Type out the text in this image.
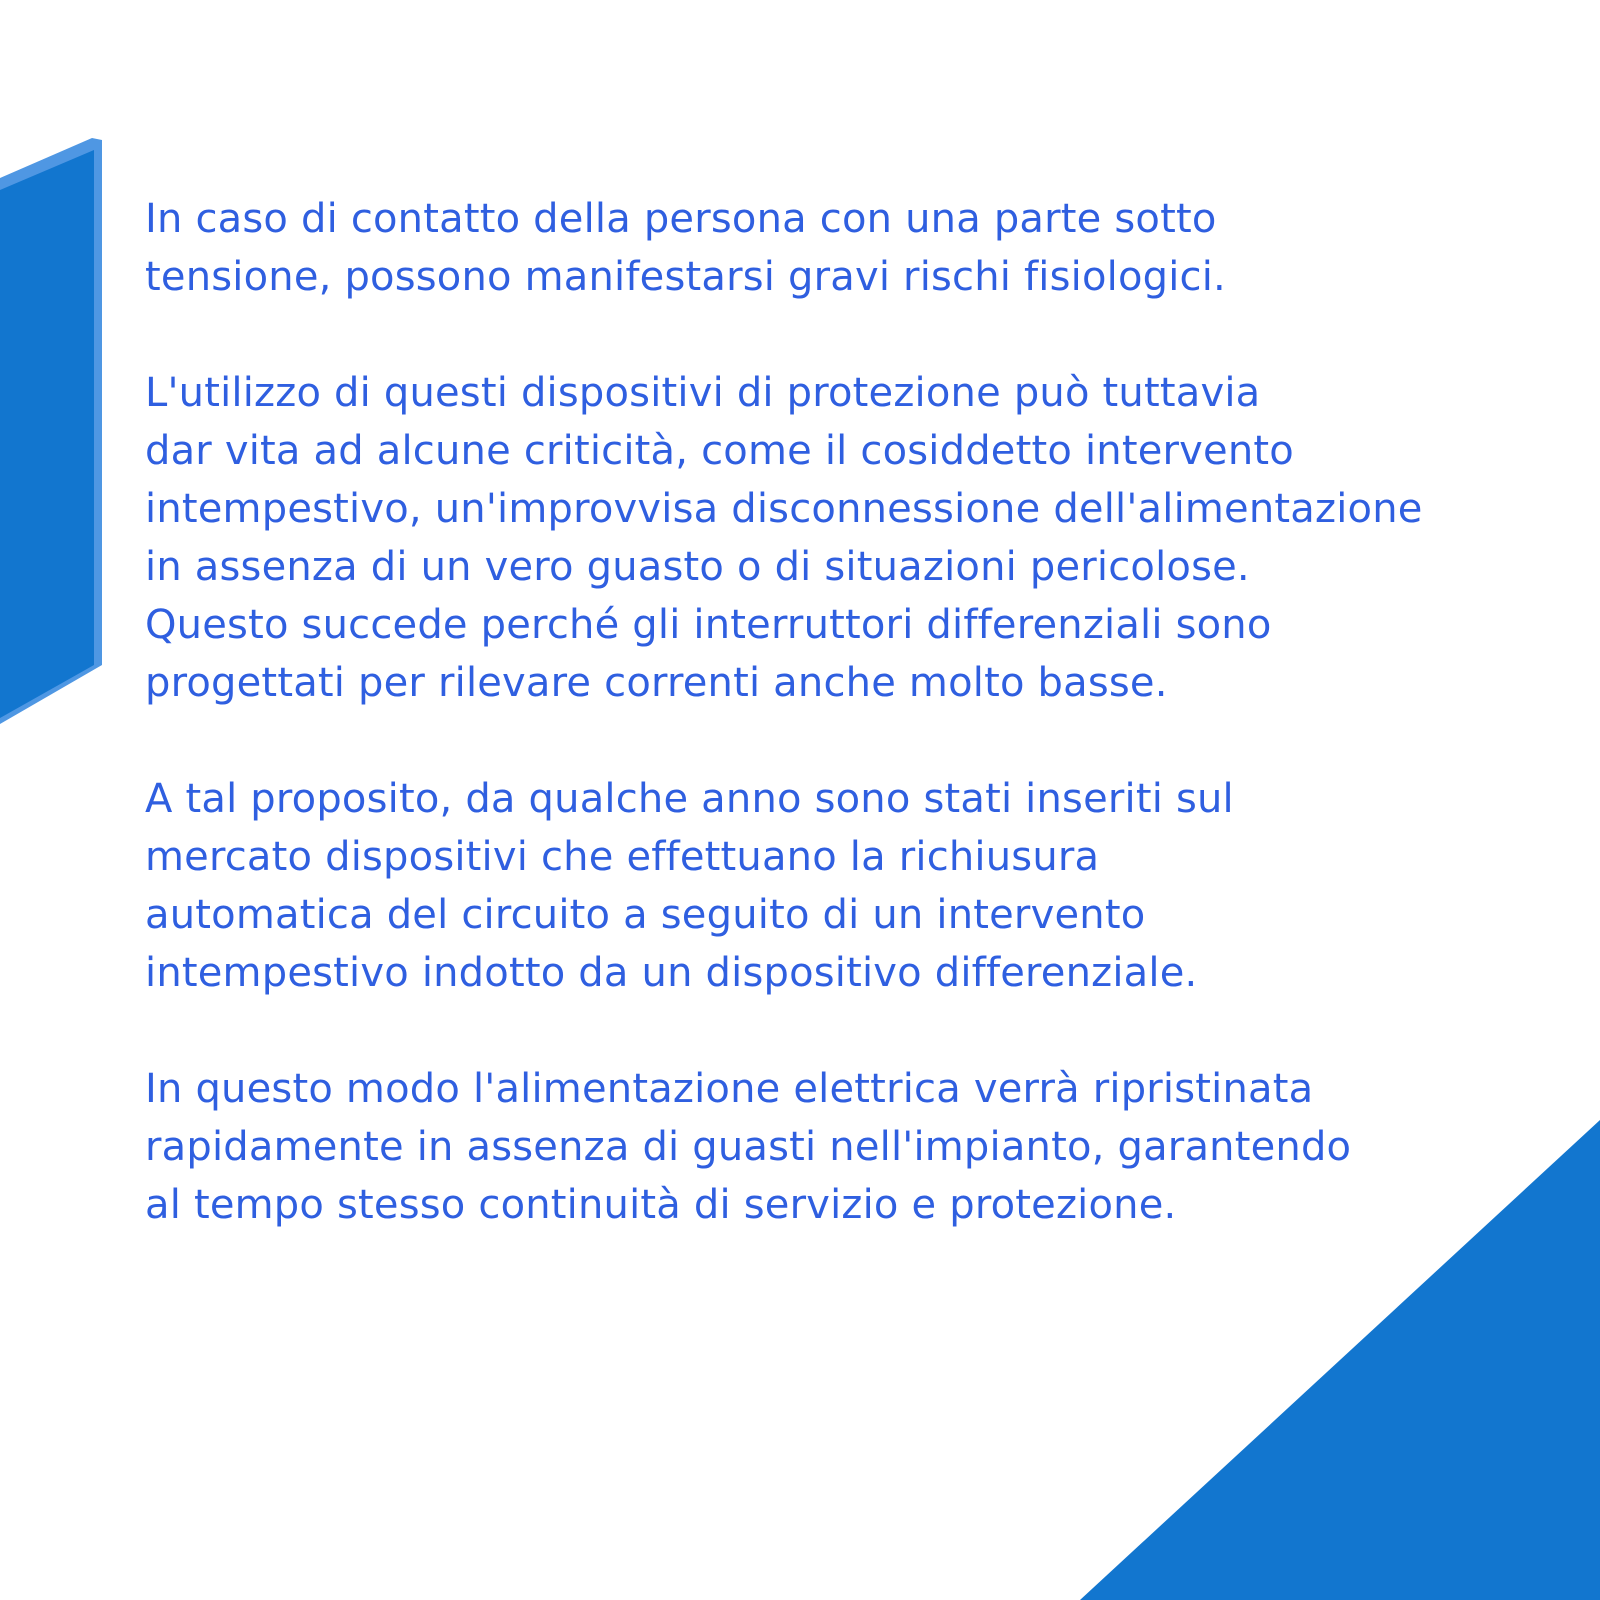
In caso di contatto della persona con una parte sotto
tensione, possono manifestarsi gravi rischi fisiologici.

L'utilizzo di questi dispositivi di protezione può tuttavia
dar vita ad alcune criticità, come il cosiddetto intervento
intempestivo, un'improvvisa disconnessione dell'alimentazione
in assenza di un vero guasto o di situazioni pericolose.
Questo succede perché gli interruttori differenziali sono
progettati per rilevare correnti anche molto basse.

A tal proposito, da qualche anno sono stati inseriti sul
mercato dispositivi che effettuano la richiusura
automatica del circuito a seguito di un intervento
intempestivo indotto da un dispositivo differenziale.

In questo modo l'alimentazione elettrica verrà ripristinata
rapidamente in assenza di guasti nell'impianto, garantendo
al tempo stesso continuità di servizio e protezione.
